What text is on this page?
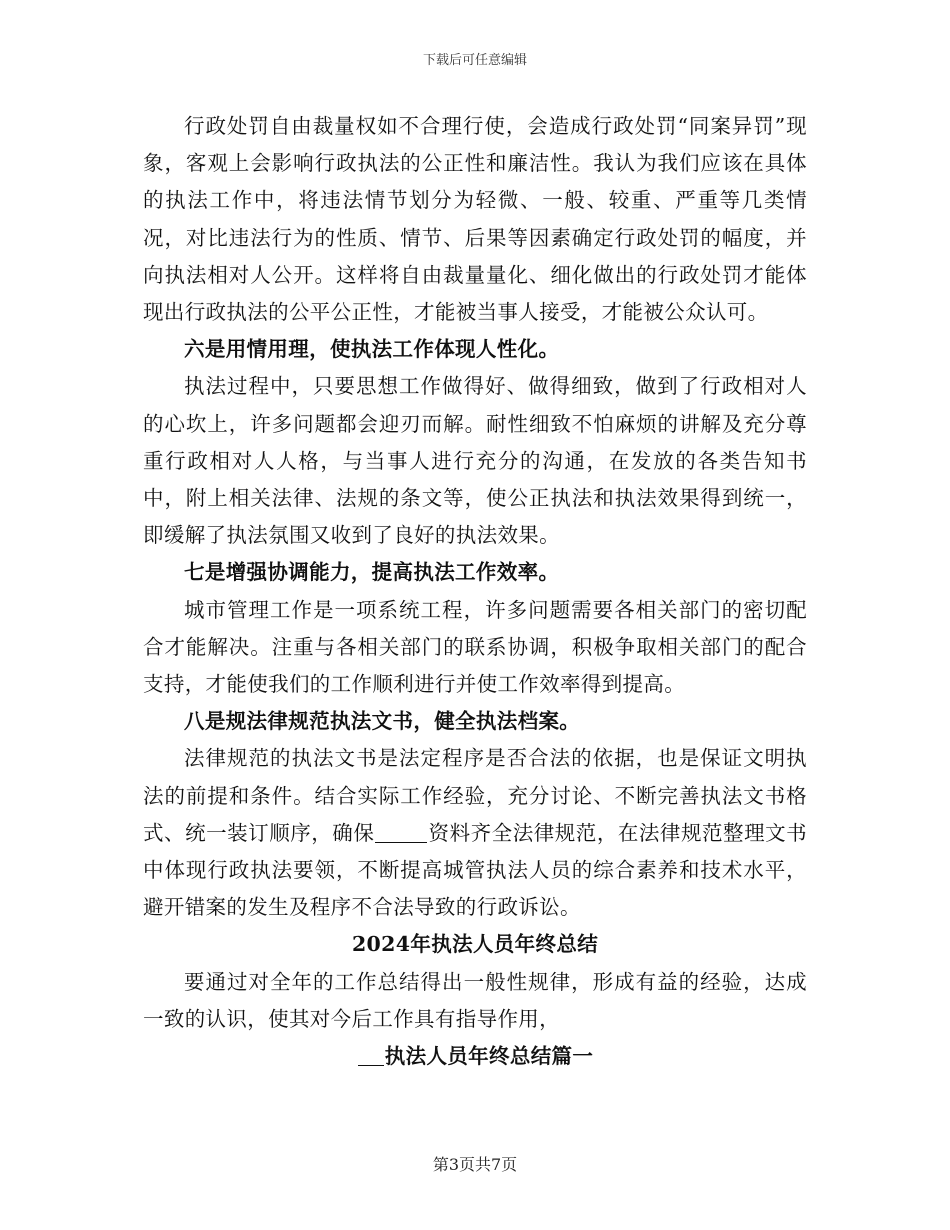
下载后可任意编辑

行政处罚自由裁量权如不合理行使，会造成行政处罚“同案异罚”现象，客观上会影响行政执法的公正性和廉洁性。我认为我们应该在具体的执法工作中，将违法情节划分为轻微、一般、较重、严重等几类情况，对比违法行为的性质、情节、后果等因素确定行政处罚的幅度，并向执法相对人公开。这样将自由裁量量化、细化做出的行政处罚才能体现出行政执法的公平公正性，才能被当事人接受，才能被公众认可。

六是用情用理，使执法工作体现人性化。

执法过程中，只要思想工作做得好、做得细致，做到了行政相对人的心坎上，许多问题都会迎刃而解。耐性细致不怕麻烦的讲解及充分尊重行政相对人人格，与当事人进行充分的沟通，在发放的各类告知书中，附上相关法律、法规的条文等，使公正执法和执法效果得到统一，即缓解了执法氛围又收到了良好的执法效果。

七是增强协调能力，提高执法工作效率。

城市管理工作是一项系统工程，许多问题需要各相关部门的密切配合才能解决。注重与各相关部门的联系协调，积极争取相关部门的配合支持，才能使我们的工作顺利进行并使工作效率得到提高。

八是规法律规范执法文书，健全执法档案。

法律规范的执法文书是法定程序是否合法的依据，也是保证文明执法的前提和条件。结合实际工作经验，充分讨论、不断完善执法文书格式、统一装订顺序，确保	资料齐全法律规范，在法律规范整理文书中体现行政执法要领，不断提高城管执法人员的综合素养和技术水平，避开错案的发生及程序不合法导致的行政诉讼。

2024年执法人员年终总结

要通过对全年的工作总结得出一般性规律，形成有益的经验，达成一致的认识，使其对今后工作具有指导作用，

执法人员年终总结篇一

第3页共7页
